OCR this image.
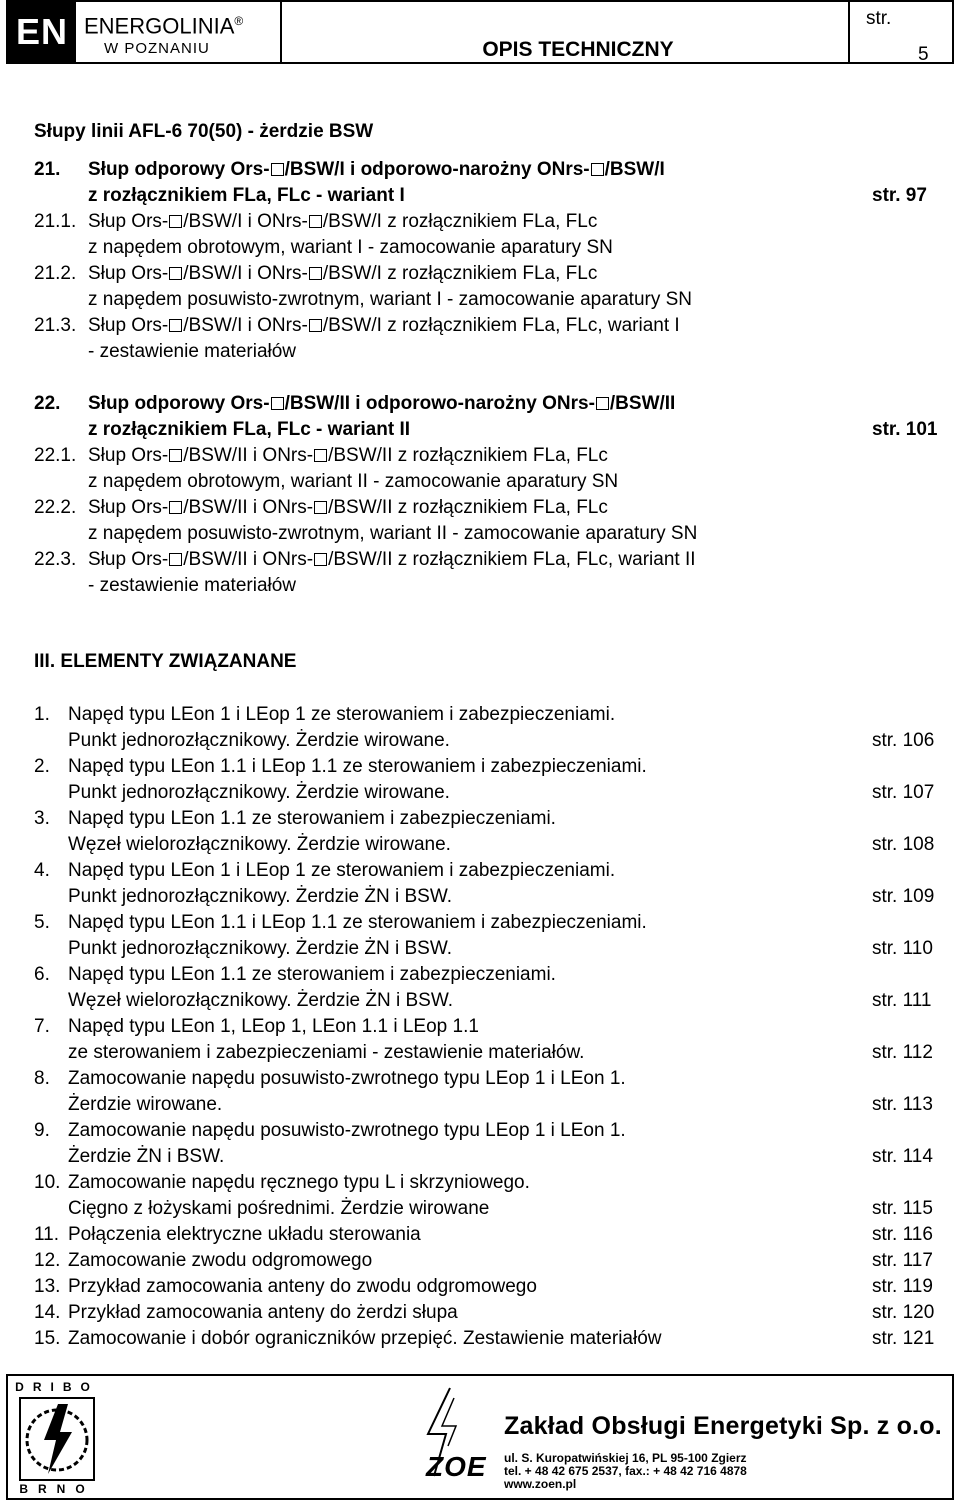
EN ENERGOLINIA®
W POZNANIU	OPIS TECHNICZNY
str.
5
Słupy linii AFL-6 70(50) - żerdzie BSW
21. Słup odporowy Ors- /BSW/I i odporowo-narożny ONrs- /BSW/I
z rozłącznikiem FLa, FLc - wariant I	str. 97
21.1. Słup Ors- /BSW/I i ONrs- /BSW/I z rozłącznikiem FLa, FLc
z napędem obrotowym, wariant I - zamocowanie aparatury SN
21.2. Słup Ors- /BSW/I i ONrs- /BSW/I z rozłącznikiem FLa, FLc
z napędem posuwisto-zwrotnym, wariant I - zamocowanie aparatury SN
21.3. Słup Ors- /BSW/I i ONrs- /BSW/I z rozłącznikiem FLa, FLc, wariant I
- zestawienie materiałów
22. Słup odporowy Ors- /BSW/II i odporowo-narożny ONrs- /BSW/II
z rozłącznikiem FLa, FLc - wariant II	str. 101
22.1. Słup Ors- /BSW/II i ONrs- /BSW/II z rozłącznikiem FLa, FLc
z napędem obrotowym, wariant II - zamocowanie aparatury SN
22.2. Słup Ors- /BSW/II i ONrs- /BSW/II z rozłącznikiem FLa, FLc
z napędem posuwisto-zwrotnym, wariant II - zamocowanie aparatury SN
22.3. Słup Ors- /BSW/II i ONrs- /BSW/II z rozłącznikiem FLa, FLc, wariant II
- zestawienie materiałów
III. ELEMENTY ZWIĄZANANE
1. Napęd typu LEon 1 i LEop 1 ze sterowaniem i zabezpieczeniami.
Punkt jednorozłącznikowy. Żerdzie wirowane.	str. 106
2. Napęd typu LEon 1.1 i LEop 1.1 ze sterowaniem i zabezpieczeniami.
Punkt jednorozłącznikowy. Żerdzie wirowane.	str. 107
3. Napęd typu LEon 1.1 ze sterowaniem i zabezpieczeniami.
Węzeł wielorozłącznikowy. Żerdzie wirowane.	str. 108
4. Napęd typu LEon 1 i LEop 1 ze sterowaniem i zabezpieczeniami.
Punkt jednorozłącznikowy. Żerdzie ŻN i BSW.	str. 109
5. Napęd typu LEon 1.1 i LEop 1.1 ze sterowaniem i zabezpieczeniami.
Punkt jednorozłącznikowy. Żerdzie ŻN i BSW.	str. 110
6. Napęd typu LEon 1.1 ze sterowaniem i zabezpieczeniami.
Węzeł wielorozłącznikowy. Żerdzie ŻN i BSW.	str. 111
7. Napęd typu LEon 1, LEop 1, LEon 1.1 i LEop 1.1
ze sterowaniem i zabezpieczeniami - zestawienie materiałów.	str. 112
8. Zamocowanie napędu posuwisto-zwrotnego typu LEop 1 i LEon 1.
Żerdzie wirowane.	str. 113
9. Zamocowanie napędu posuwisto-zwrotnego typu LEop 1 i LEon 1.
Żerdzie ŻN i BSW.	str. 114
10. Zamocowanie napędu ręcznego typu L i skrzyniowego.
Cięgno z łożyskami pośrednimi. Żerdzie wirowane	str. 115
11. Połączenia elektryczne układu sterowania	str. 116
12. Zamocowanie zwodu odgromowego	str. 117
13. Przykład zamocowania anteny do zwodu odgromowego	str. 119
14. Przykład zamocowania anteny do żerdzi słupa	str. 120
15. Zamocowanie i dobór ograniczników przepięć. Zestawienie materiałów	str. 121
DRIBO
BRNO
ZOE
Zakład Obsługi Energetyki Sp. z o.o.
ul. S. Kuropatwińskiej 16, PL 95-100 Zgierz
tel. + 48 42 675 2537, fax.: + 48 42 716 4878
www.zoen.pl
